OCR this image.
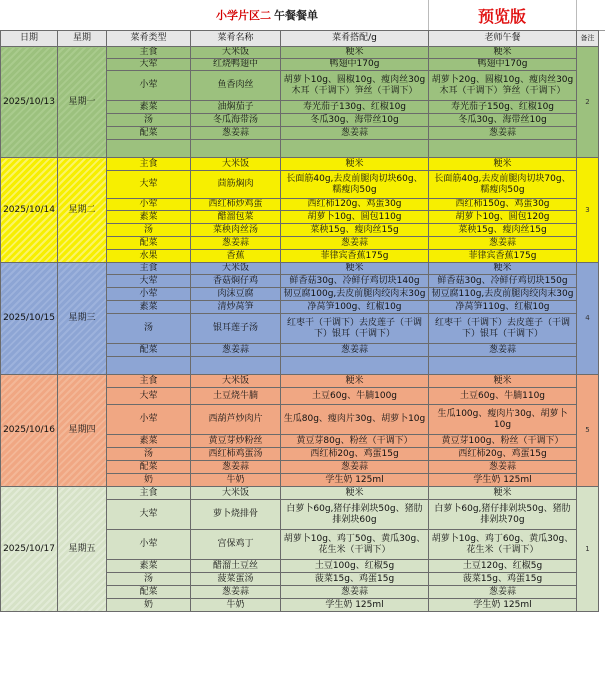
小学片区二 午餐餐单	预览版
日期	星期	菜肴类型	菜肴名称	菜肴搭配/g	老师午餐	备注
2025/10/13	星期一	主食	大米饭	粳米	粳米	2
		大荤	红烧鸭翅中	鸭翅中170g	鸭翅中170g	
		小荤	鱼香肉丝	胡萝卜10g、圆椒10g、瘦肉丝30g 木耳（干调下）笋丝（干调下）	胡萝卜20g、圆椒10g、瘦肉丝30g 木耳（干调下）笋丝（干调下）	
		素菜	油焖茄子	寿光茄子130g、红椒10g	寿光茄子150g、红椒10g	
		汤	冬瓜海带汤	冬瓜30g、海带丝10g	冬瓜30g、海带丝10g	
		配菜	葱姜蒜	葱姜蒜	葱姜蒜	

2025/10/14	星期二	主食	大米饭	粳米	粳米	3
		大荤	茴筋焖肉	长面筋40g,去皮前腿肉切块60g、 糯瘦肉50g	长面筋40g,去皮前腿肉切块70g、 糯瘦肉50g	
		小荤	西红柿炒鸡蛋	西红柿120g、鸡蛋30g	西红柿150g、鸡蛋30g	
		素菜	醋溜包菜	胡萝卜10g、圆包110g	胡萝卜10g、圆包120g	
		汤	菜秧肉丝汤	菜秧15g、瘦肉丝15g	菜秧15g、瘦肉丝15g	
		配菜	葱姜蒜	葱姜蒜	葱姜蒜	
		水果	香蕉	菲律宾香蕉175g	菲律宾香蕉175g	
2025/10/15	星期三	主食	大米饭	粳米	粳米	4
		大荤	香菇焖仔鸡	鲜香菇30g、冷鲜仔鸡切块140g	鲜香菇30g、冷鲜仔鸡切块150g	
		小荤	肉沫豆腐	韧豆腐100g,去皮前腿肉绞肉末30g	韧豆腐110g,去皮前腿肉绞肉末30g	
		素菜	清炒莴笋	净莴笋100g、红椒10g	净莴笋110g、红椒10g	
		汤	银耳莲子汤	红枣干（干调下）去皮莲子（干调下）银耳（干调下）	红枣干（干调下）去皮莲子（干调下）银耳（干调下）	
		配菜	葱姜蒜	葱姜蒜	葱姜蒜	

2025/10/16	星期四	主食	大米饭	粳米	粳米	5
		大荤	土豆烧牛腩	土豆60g、牛腩100g	土豆60g、牛腩110g	
		小荤	西葫芦炒肉片	生瓜80g、瘦肉片30g、胡萝卜10g	生瓜100g、瘦肉片30g、胡萝卜10g	
		素菜	黄豆芽炒粉丝	黄豆芽80g、粉丝（干调下）	黄豆芽100g、粉丝（干调下）	
		汤	西红柿鸡蛋汤	西红柿20g、鸡蛋15g	西红柿20g、鸡蛋15g	
		配菜	葱姜蒜	葱姜蒜	葱姜蒜	
		奶	牛奶	学生奶 125ml	学生奶 125ml	
2025/10/17	星期五	主食	大米饭	粳米	粳米	1
		大荤	萝卜烧排骨	白萝卜60g,猪仔排剁块50g、猪肋排剁块60g	白萝卜60g,猪仔排剁块50g、猪肋排剁块70g	
		小荤	宫保鸡丁	胡萝卜10g、鸡丁50g、黄瓜30g、花生米（干调下）	胡萝卜10g、鸡丁60g、黄瓜30g、花生米（干调下）	
		素菜	醋溜土豆丝	土豆100g、红椒5g	土豆120g、红椒5g	
		汤	菠菜蛋汤	菠菜15g、鸡蛋15g	菠菜15g、鸡蛋15g	
		配菜	葱姜蒜	葱姜蒜	葱姜蒜	
		奶	牛奶	学生奶 125ml	学生奶 125ml	
